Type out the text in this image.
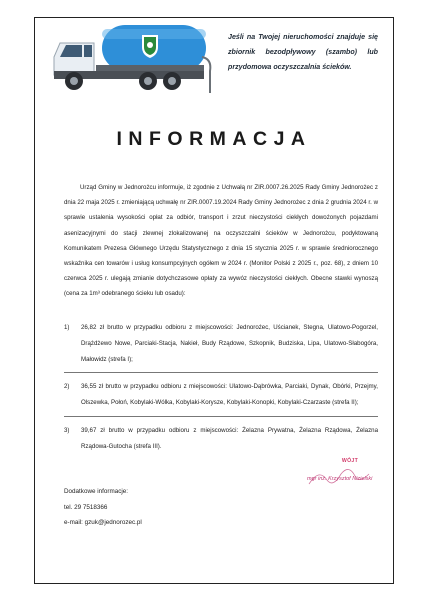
Jeśli na Twojej nieruchomości znajduje się zbiornik bezodpływowy (szambo) lub przydomowa oczyszczalnia ścieków.
INFORMACJA
Urząd Gminy w Jednorożcu informuje, iż zgodnie z Uchwałą nr ZIR.0007.26.2025 Rady Gminy Jednorożec z dnia 22 maja 2025 r. zmieniającą uchwałę nr ZIR.0007.19.2024 Rady Gminy Jednorożec z dnia 2 grudnia 2024 r. w sprawie ustalenia wysokości opłat za odbiór, transport i zrzut nieczystości ciekłych dowożonych pojazdami asenizacyjnymi do stacji zlewnej zlokalizowanej na oczyszczalni ścieków w Jednorożcu, podyktowaną Komunikatem Prezesa Głównego Urzędu Statystycznego z dnia 15 stycznia 2025 r. w sprawie średniorocznego wskaźnika cen towarów i usług konsumpcyjnych ogółem w 2024 r. (Monitor Polski z 2025 r., poz. 68), z dniem 10 czerwca 2025 r. ulegają zmianie dotychczasowe opłaty za wywóz nieczystości ciekłych. Obecne stawki wynoszą (cena za 1m³ odebranego ścieku lub osadu):
1)	26,82 zł brutto w przypadku odbioru z miejscowości: Jednorożec, Uścianek, Stegna, Ulatowo-Pogorzel, Drążdżewo Nowe, Parciaki-Stacja, Nakieł, Budy Rządowe, Szkopnik, Budziska, Lipa, Ulatowo-Słabogóra, Małowidz (strefa I);
2)	36,55 zł brutto w przypadku odbioru z miejscowości: Ulatowo-Dąbrówka, Parciaki, Dynak, Obórki, Przejmy, Olszewka, Połoń, Kobylaki-Wólka, Kobylaki-Korysze, Kobylaki-Konopki, Kobylaki-Czarzaste (strefa II);
3)	39,67 zł brutto w przypadku odbioru z miejscowości: Żelazna Prywatna, Żelazna Rządowa, Żelazna Rządowa-Gutocha (strefa III).
WÓJT
mgr inż. Krzysztof Nizielski
Dodatkowe informacje:
tel. 29 7518366
e-mail: gzuk@jednorozec.pl
